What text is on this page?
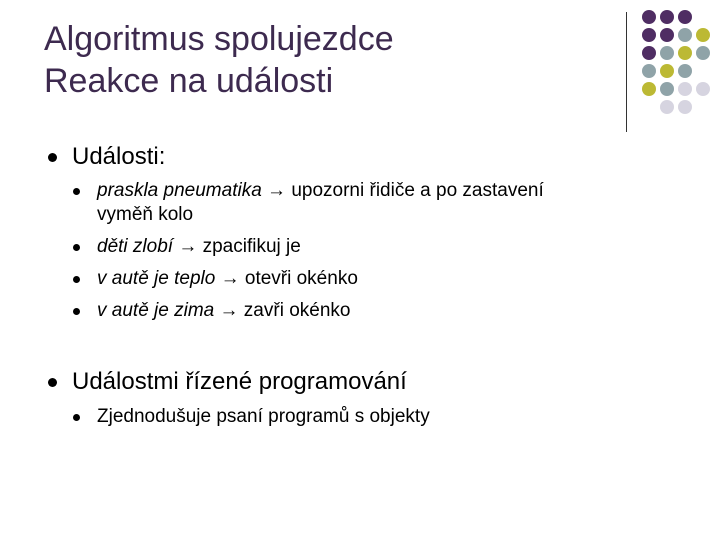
Algoritmus spolujezdce
Reakce na události
Události:
praskla pneumatika → upozorni řidiče a po zastavení
vyměň kolo
děti zlobí → zpacifikuj je
v autě je teplo → otevři okénko
v autě je zima → zavři okénko
Událostmi řízené programování
Zjednodušuje psaní programů s objekty
